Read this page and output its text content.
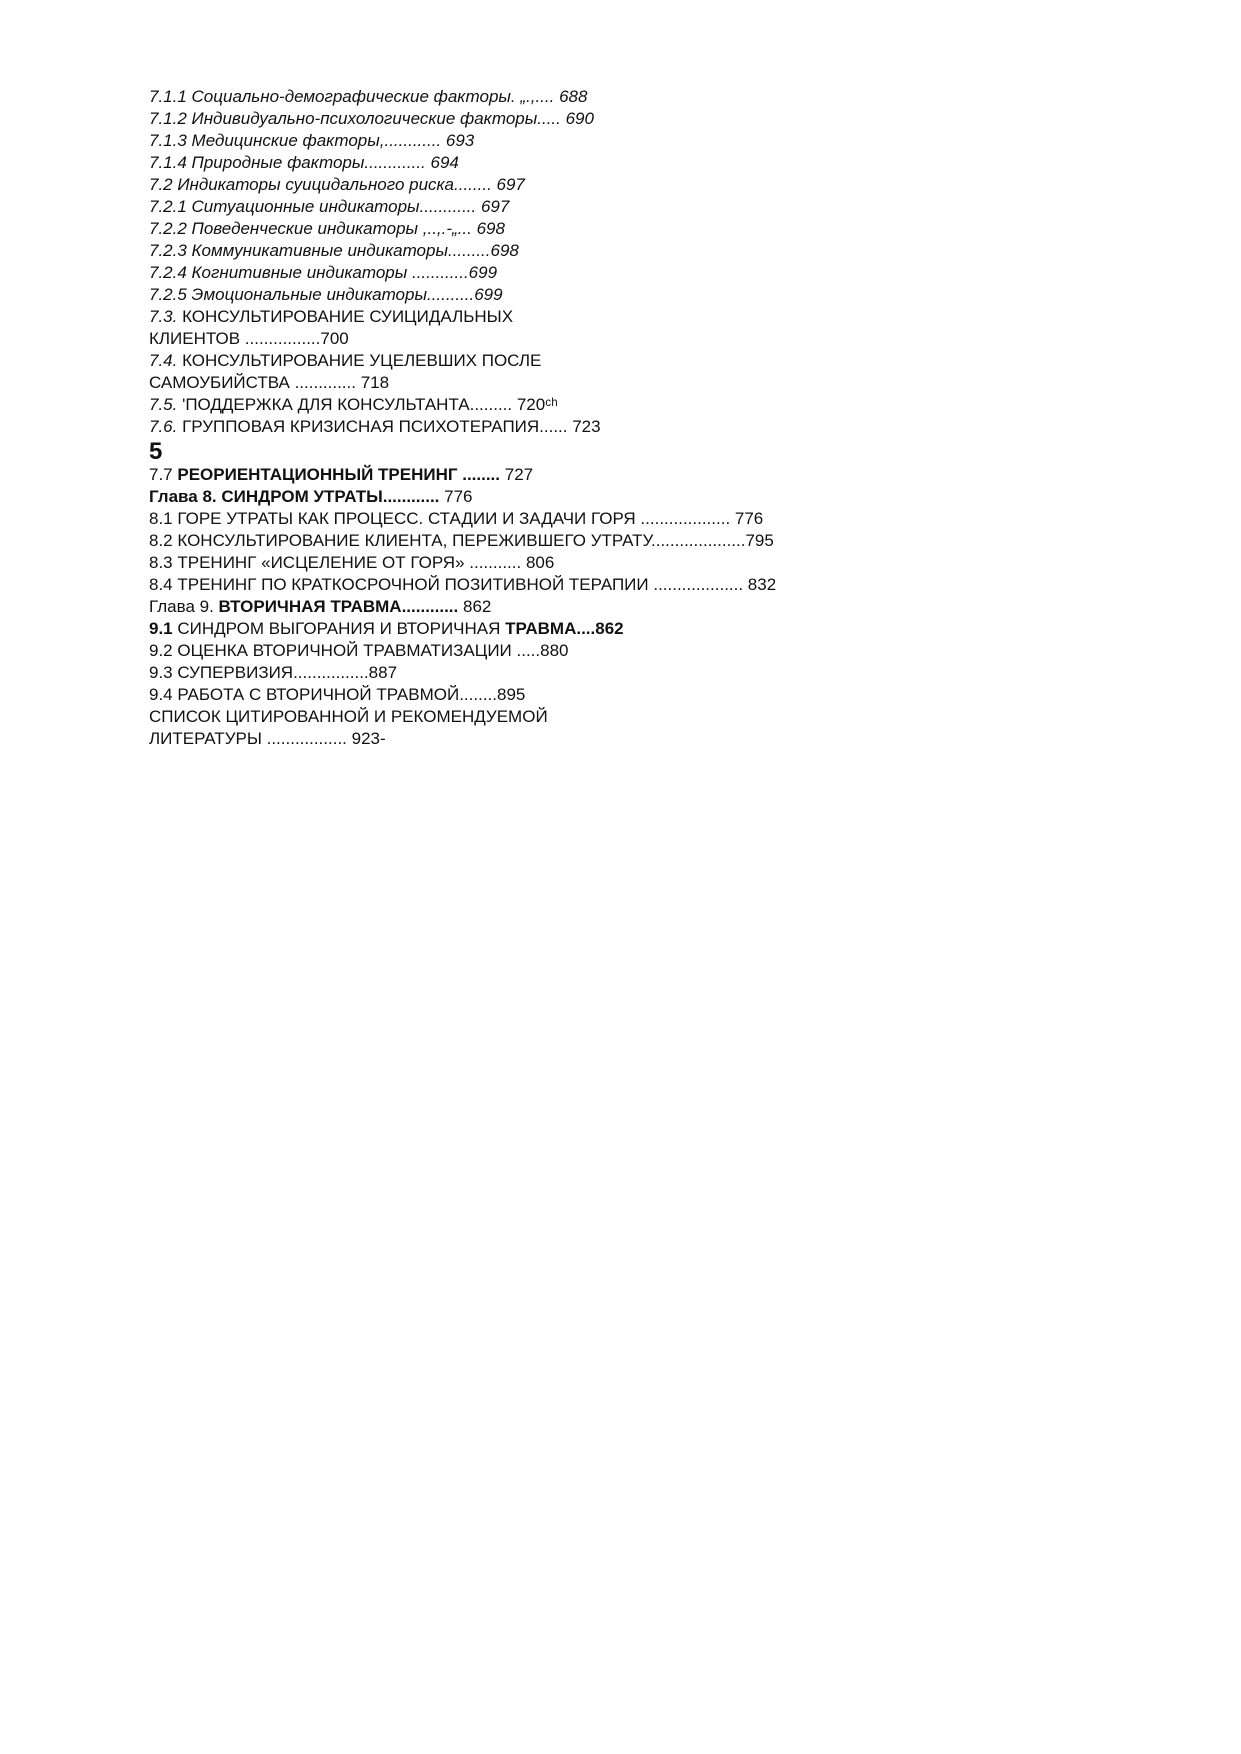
7.1.1 Социально-демографические факторы. „.,.... 688
7.1.2 Индивидуально-психологические факторы..... 690
7.1.3 Медицинские факторы,............ 693
7.1.4 Природные факторы............. 694
7.2 Индикаторы суицидального риска........ 697
7.2.1 Ситуационные индикаторы............ 697
7.2.2 Поведенческие индикаторы ,..,.-„... 698
7.2.3 Коммуникативные индикаторы.........698
7.2.4 Когнитивные индикаторы ............699
7.2.5 Эмоциональные индикаторы..........699
7.3. КОНСУЛЬТИРОВАНИЕ СУИЦИДАЛЬНЫХ
КЛИЕНТОВ ................700
7.4. КОНСУЛЬТИРОВАНИЕ УЦЕЛЕВШИХ ПОСЛЕ
САМОУБИЙСТВА ............. 718
7.5. 'ПОДДЕРЖКА ДЛЯ КОНСУЛЬТАНТА......... 720ᶜʰ
7.6. ГРУППОВАЯ КРИЗИСНАЯ ПСИХОТЕРАПИЯ...... 723
5
7.7 РЕОРИЕНТАЦИОННЫЙ ТРЕНИНГ ........ 727
Глава 8. СИНДРОМ УТРАТЫ............ 776
8.1 ГОРЕ УТРАТЫ КАК ПРОЦЕСС. СТАДИИ И ЗАДАЧИ ГОРЯ ................... 776
8.2 КОНСУЛЬТИРОВАНИЕ КЛИЕНТА, ПЕРЕЖИВШЕГО УТРАТУ....................795
8.3 ТРЕНИНГ «ИСЦЕЛЕНИЕ ОТ ГОРЯ» ........... 806
8.4 ТРЕНИНГ ПО КРАТКОСРОЧНОЙ ПОЗИТИВНОЙ ТЕРАПИИ ................... 832
Глава 9. ВТОРИЧНАЯ ТРАВМА............ 862
9.1 СИНДРОМ ВЫГОРАНИЯ И ВТОРИЧНАЯ ТРАВМА....862
9.2 ОЦЕНКА ВТОРИЧНОЙ ТРАВМАТИЗАЦИИ .....880
9.3 СУПЕРВИЗИЯ................887
9.4 РАБОТА С ВТОРИЧНОЙ ТРАВМОЙ........895
СПИСОК ЦИТИРОВАННОЙ И РЕКОМЕНДУЕМОЙ
ЛИТЕРАТУРЫ ................. 923-
